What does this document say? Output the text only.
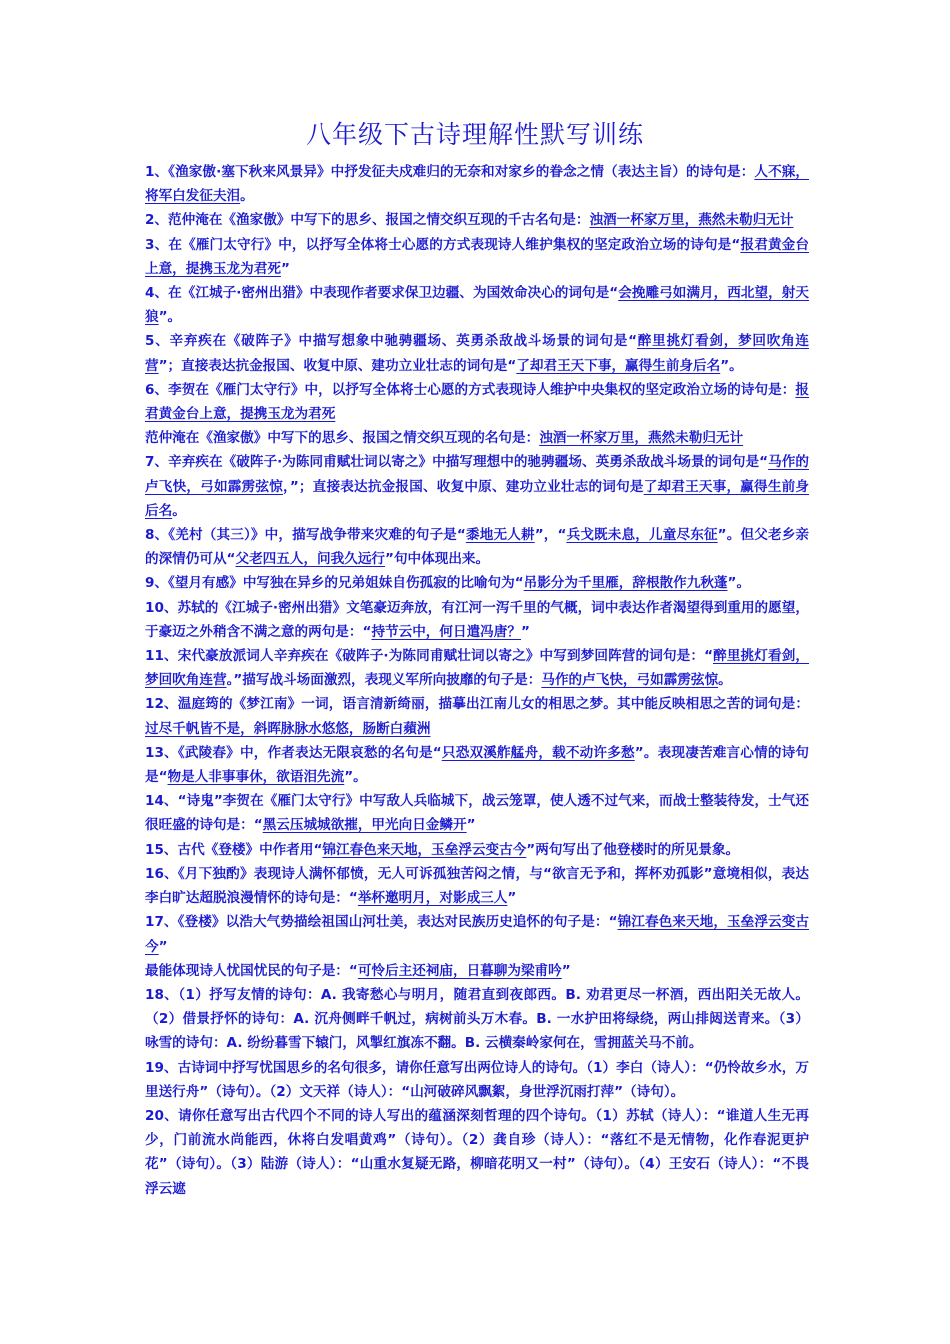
八年级下古诗理解性默写训练

1、《渔家傲·塞下秋来风景异》中抒发征夫戍难归的无奈和对家乡的眷念之情（表达主旨）的诗句是：人不寐，将军白发征夫泪。

2、范仲淹在《渔家傲》中写下的思乡、报国之情交织互现的千古名句是：浊酒一杯家万里，燕然未勒归无计

3、在《雁门太守行》中，以抒写全体将士心愿的方式表现诗人维护集权的坚定政治立场的诗句是“报君黄金台上意，提携玉龙为君死”

4、在《江城子·密州出猎》中表现作者要求保卫边疆、为国效命决心的词句是“会挽雕弓如满月，西北望，射天狼”。

5、辛弃疾在《破阵子》中描写想象中驰骋疆场、英勇杀敌战斗场景的词句是“醉里挑灯看剑，梦回吹角连营”；直接表达抗金报国、收复中原、建功立业壮志的词句是“了却君王天下事，赢得生前身后名”。

6、李贺在《雁门太守行》中，以抒写全体将士心愿的方式表现诗人维护中央集权的坚定政治立场的诗句是：报君黄金台上意，提携玉龙为君死

范仲淹在《渔家傲》中写下的思乡、报国之情交织互现的名句是：浊酒一杯家万里，燕然未勒归无计

7、辛弃疾在《破阵子·为陈同甫赋壮词以寄之》中描写理想中的驰骋疆场、英勇杀敌战斗场景的词句是“马作的卢飞快，弓如霹雳弦惊，”；直接表达抗金报国、收复中原、建功立业壮志的词句是了却君王天事，赢得生前身后名。

8、《羌村（其三）》中，描写战争带来灾难的句子是“黍地无人耕”，“兵戈既未息，儿童尽东征”。但父老乡亲的深情仍可从“父老四五人，问我久远行”句中体现出来。

9、《望月有感》中写独在异乡的兄弟姐妹自伤孤寂的比喻句为“吊影分为千里雁，辞根散作九秋蓬”。

10、苏轼的《江城子·密州出猎》文笔豪迈奔放，有江河一泻千里的气概，词中表达作者渴望得到重用的愿望，于豪迈之外稍含不满之意的两句是：“持节云中，何日遣冯唐？”

11、宋代豪放派词人辛弃疾在《破阵子·为陈同甫赋壮词以寄之》中写到梦回阵营的词句是：“醉里挑灯看剑，梦回吹角连营。”描写战斗场面激烈，表现义军所向披靡的句子是：马作的卢飞快，弓如霹雳弦惊。

12、温庭筠的《梦江南》一词，语言清新绮丽，描摹出江南儿女的相思之梦。其中能反映相思之苦的词句是：过尽千帆皆不是，斜晖脉脉水悠悠，肠断白蘋洲

13、《武陵春》中，作者表达无限哀愁的名句是“只恐双溪舴艋舟，载不动许多愁”。表现凄苦难言心情的诗句是“物是人非事事休，欲语泪先流”。

14、“诗鬼”李贺在《雁门太守行》中写敌人兵临城下，战云笼罩，使人透不过气来，而战士整装待发，士气还很旺盛的诗句是：“黑云压城城欲摧，甲光向日金鳞开”

15、古代《登楼》中作者用“锦江春色来天地，玉垒浮云变古今”两句写出了他登楼时的所见景象。

16、《月下独酌》表现诗人满怀郁愤，无人可诉孤独苦闷之情，与“欲言无予和，挥杯劝孤影”意境相似，表达李白旷达超脱浪漫情怀的诗句是：“举杯邀明月，对影成三人”

17、《登楼》以浩大气势描绘祖国山河壮美，表达对民族历史追怀的句子是：“锦江春色来天地，玉垒浮云变古今”

最能体现诗人忧国忧民的句子是：“可怜后主还祠庙，日暮聊为梁甫吟”

18、（1）抒写友情的诗句：A. 我寄愁心与明月，随君直到夜郎西。B. 劝君更尽一杯酒，西出阳关无故人。（2）借景抒怀的诗句：A. 沉舟侧畔千帆过，病树前头万木春。B. 一水护田将绿绕，两山排闼送青来。（3）咏雪的诗句：A. 纷纷暮雪下辕门，风掣红旗冻不翻。B. 云横秦岭家何在，雪拥蓝关马不前。

19、古诗词中抒写忧国思乡的名句很多，请你任意写出两位诗人的诗句。（1）李白（诗人）：“仍怜故乡水，万里送行舟”（诗句）。（2）文天祥（诗人）：“山河破碎风飘絮，身世浮沉雨打萍”（诗句）。

20、请你任意写出古代四个不同的诗人写出的蕴涵深刻哲理的四个诗句。（1）苏轼（诗人）：“谁道人生无再少，门前流水尚能西，休将白发唱黄鸡”（诗句）。（2）龚自珍（诗人）：“落红不是无情物，化作春泥更护花”（诗句）。（3）陆游（诗人）：“山重水复疑无路，柳暗花明又一村”（诗句）。（4）王安石（诗人）：“不畏浮云遮
